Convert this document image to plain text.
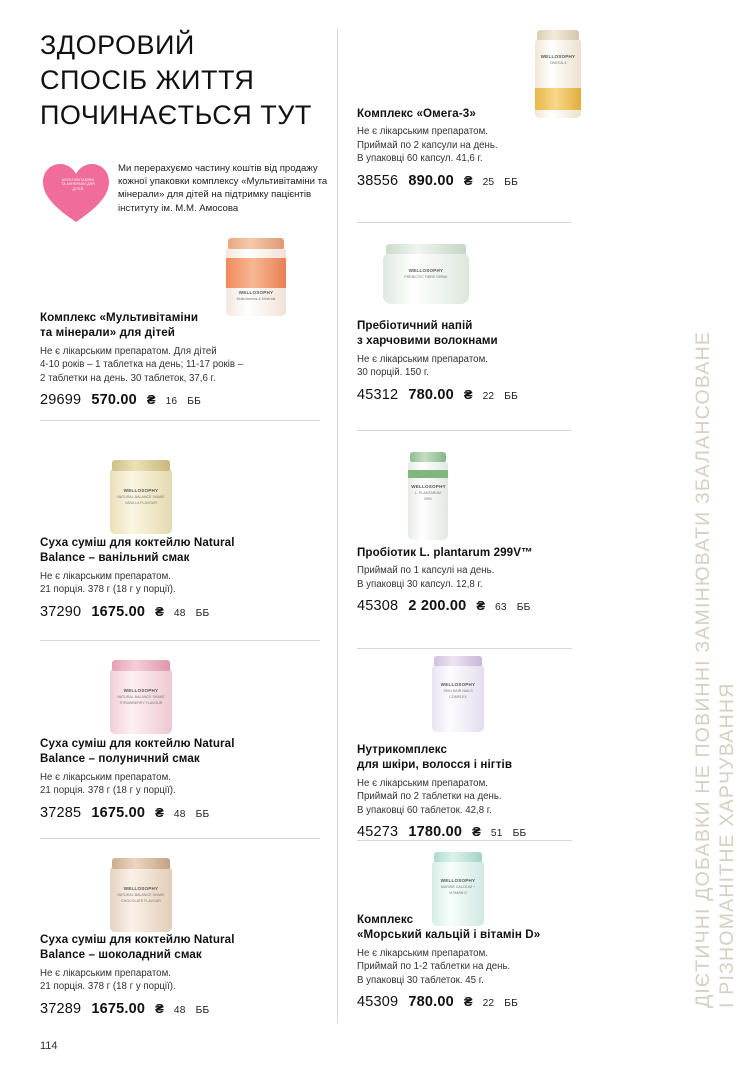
ЗДОРОВИЙ
СПОСІБ ЖИТТЯ
ПОЧИНАЄТЬСЯ ТУТ
МУЛЬТИВІТАМІНИ ТА МІНЕРАЛИ ДЛЯ ДІТЕЙ
Ми перерахуємо частину коштів від продажу кожної упаковки комплексу «Мультивітаміни та мінерали» для дітей на підтримку пацієнтів інституту ім. М.М. Амосова
WELLOSOPHY
Multivitamins & Minerals
Комплекс «Мультивітаміни
та мінерали» для дітей
Не є лікарським препаратом. Для дітей
4-10 років – 1 таблетка на день; 11-17 років –
2 таблетки на день. 30 таблеток, 37,6 г.
29699 570.00 ₴ 16 ББ
WELLOSOPHY
NATURAL BALANCE SHAKE
VANILLA FLAVOUR
Суха суміш для коктейлю Natural
Balance – ванільний смак
Не є лікарським препаратом.
21 порція. 378 г (18 г у порції).
37290 1675.00 ₴ 48 ББ
WELLOSOPHY
NATURAL BALANCE SHAKE
STRAWBERRY FLAVOUR
Суха суміш для коктейлю Natural
Balance – полуничний смак
Не є лікарським препаратом.
21 порція. 378 г (18 г у порції).
37285 1675.00 ₴ 48 ББ
WELLOSOPHY
NATURAL BALANCE SHAKE
CHOCOLATE FLAVOUR
Суха суміш для коктейлю Natural
Balance – шоколадний смак
Не є лікарським препаратом.
21 порція. 378 г (18 г у порції).
37289 1675.00 ₴ 48 ББ
WELLOSOPHY
OMEGA-3
Комплекс «Омега-3»
Не є лікарським препаратом.
Приймай по 2 капсули на день.
В упаковці 60 капсул. 41,6 г.
38556 890.00 ₴ 25 ББ
WELLOSOPHY
PREBIOTIC FIBRE DRINK
Пребіотичний напій
з харчовими волокнами
Не є лікарським препаратом.
30 порцій. 150 г.
45312 780.00 ₴ 22 ББ
WELLOSOPHY
L. PLANTARUM 299V
Пробіотик L. plantarum 299V™
Приймай по 1 капсулі на день.
В упаковці 30 капсул. 12,8 г.
45308 2 200.00 ₴ 63 ББ
WELLOSOPHY
SKIN HAIR NAILS COMPLEX
Нутрикомплекс
для шкіри, волосся і нігтів
Не є лікарським препаратом.
Приймай по 2 таблетки на день.
В упаковці 60 таблеток. 42,8 г.
45273 1780.00 ₴ 51 ББ
WELLOSOPHY
MARINE CALCIUM + VITAMIN D
Комплекс
«Морський кальцій і вітамін D»
Не є лікарським препаратом.
Приймай по 1-2 таблетки на день.
В упаковці 30 таблеток. 45 г.
45309 780.00 ₴ 22 ББ	ДІЄТИЧНІ ДОБАВКИ НЕ ПОВИННІ ЗАМІНЮВАТИ ЗБАЛАНСОВАНЕ І РІЗНОМАНІТНЕ ХАРЧУВАННЯ
114
